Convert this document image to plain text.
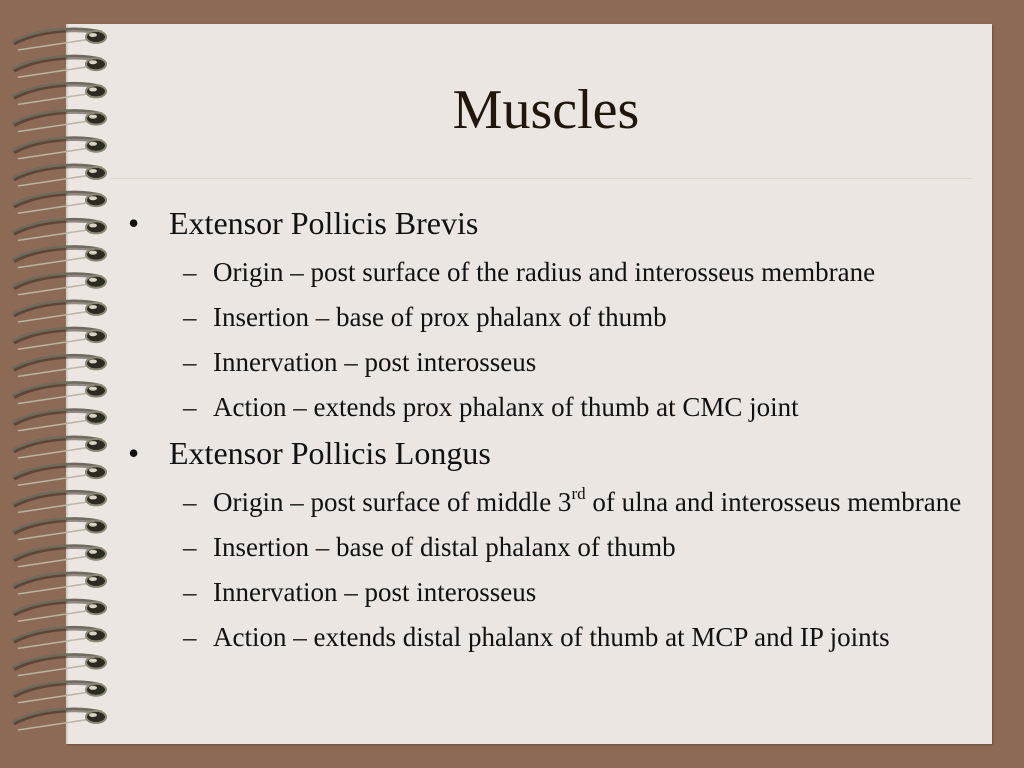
Muscles
• Extensor Pollicis Brevis
– Origin – post surface of the radius and interosseus membrane
– Insertion – base of prox phalanx of thumb
– Innervation – post interosseus
– Action – extends prox phalanx of thumb at CMC joint
• Extensor Pollicis Longus
– Origin – post surface of middle 3rd of ulna and interosseus membrane
– Insertion – base of distal phalanx of thumb
– Innervation – post interosseus
– Action – extends distal phalanx of thumb at MCP and IP joints
